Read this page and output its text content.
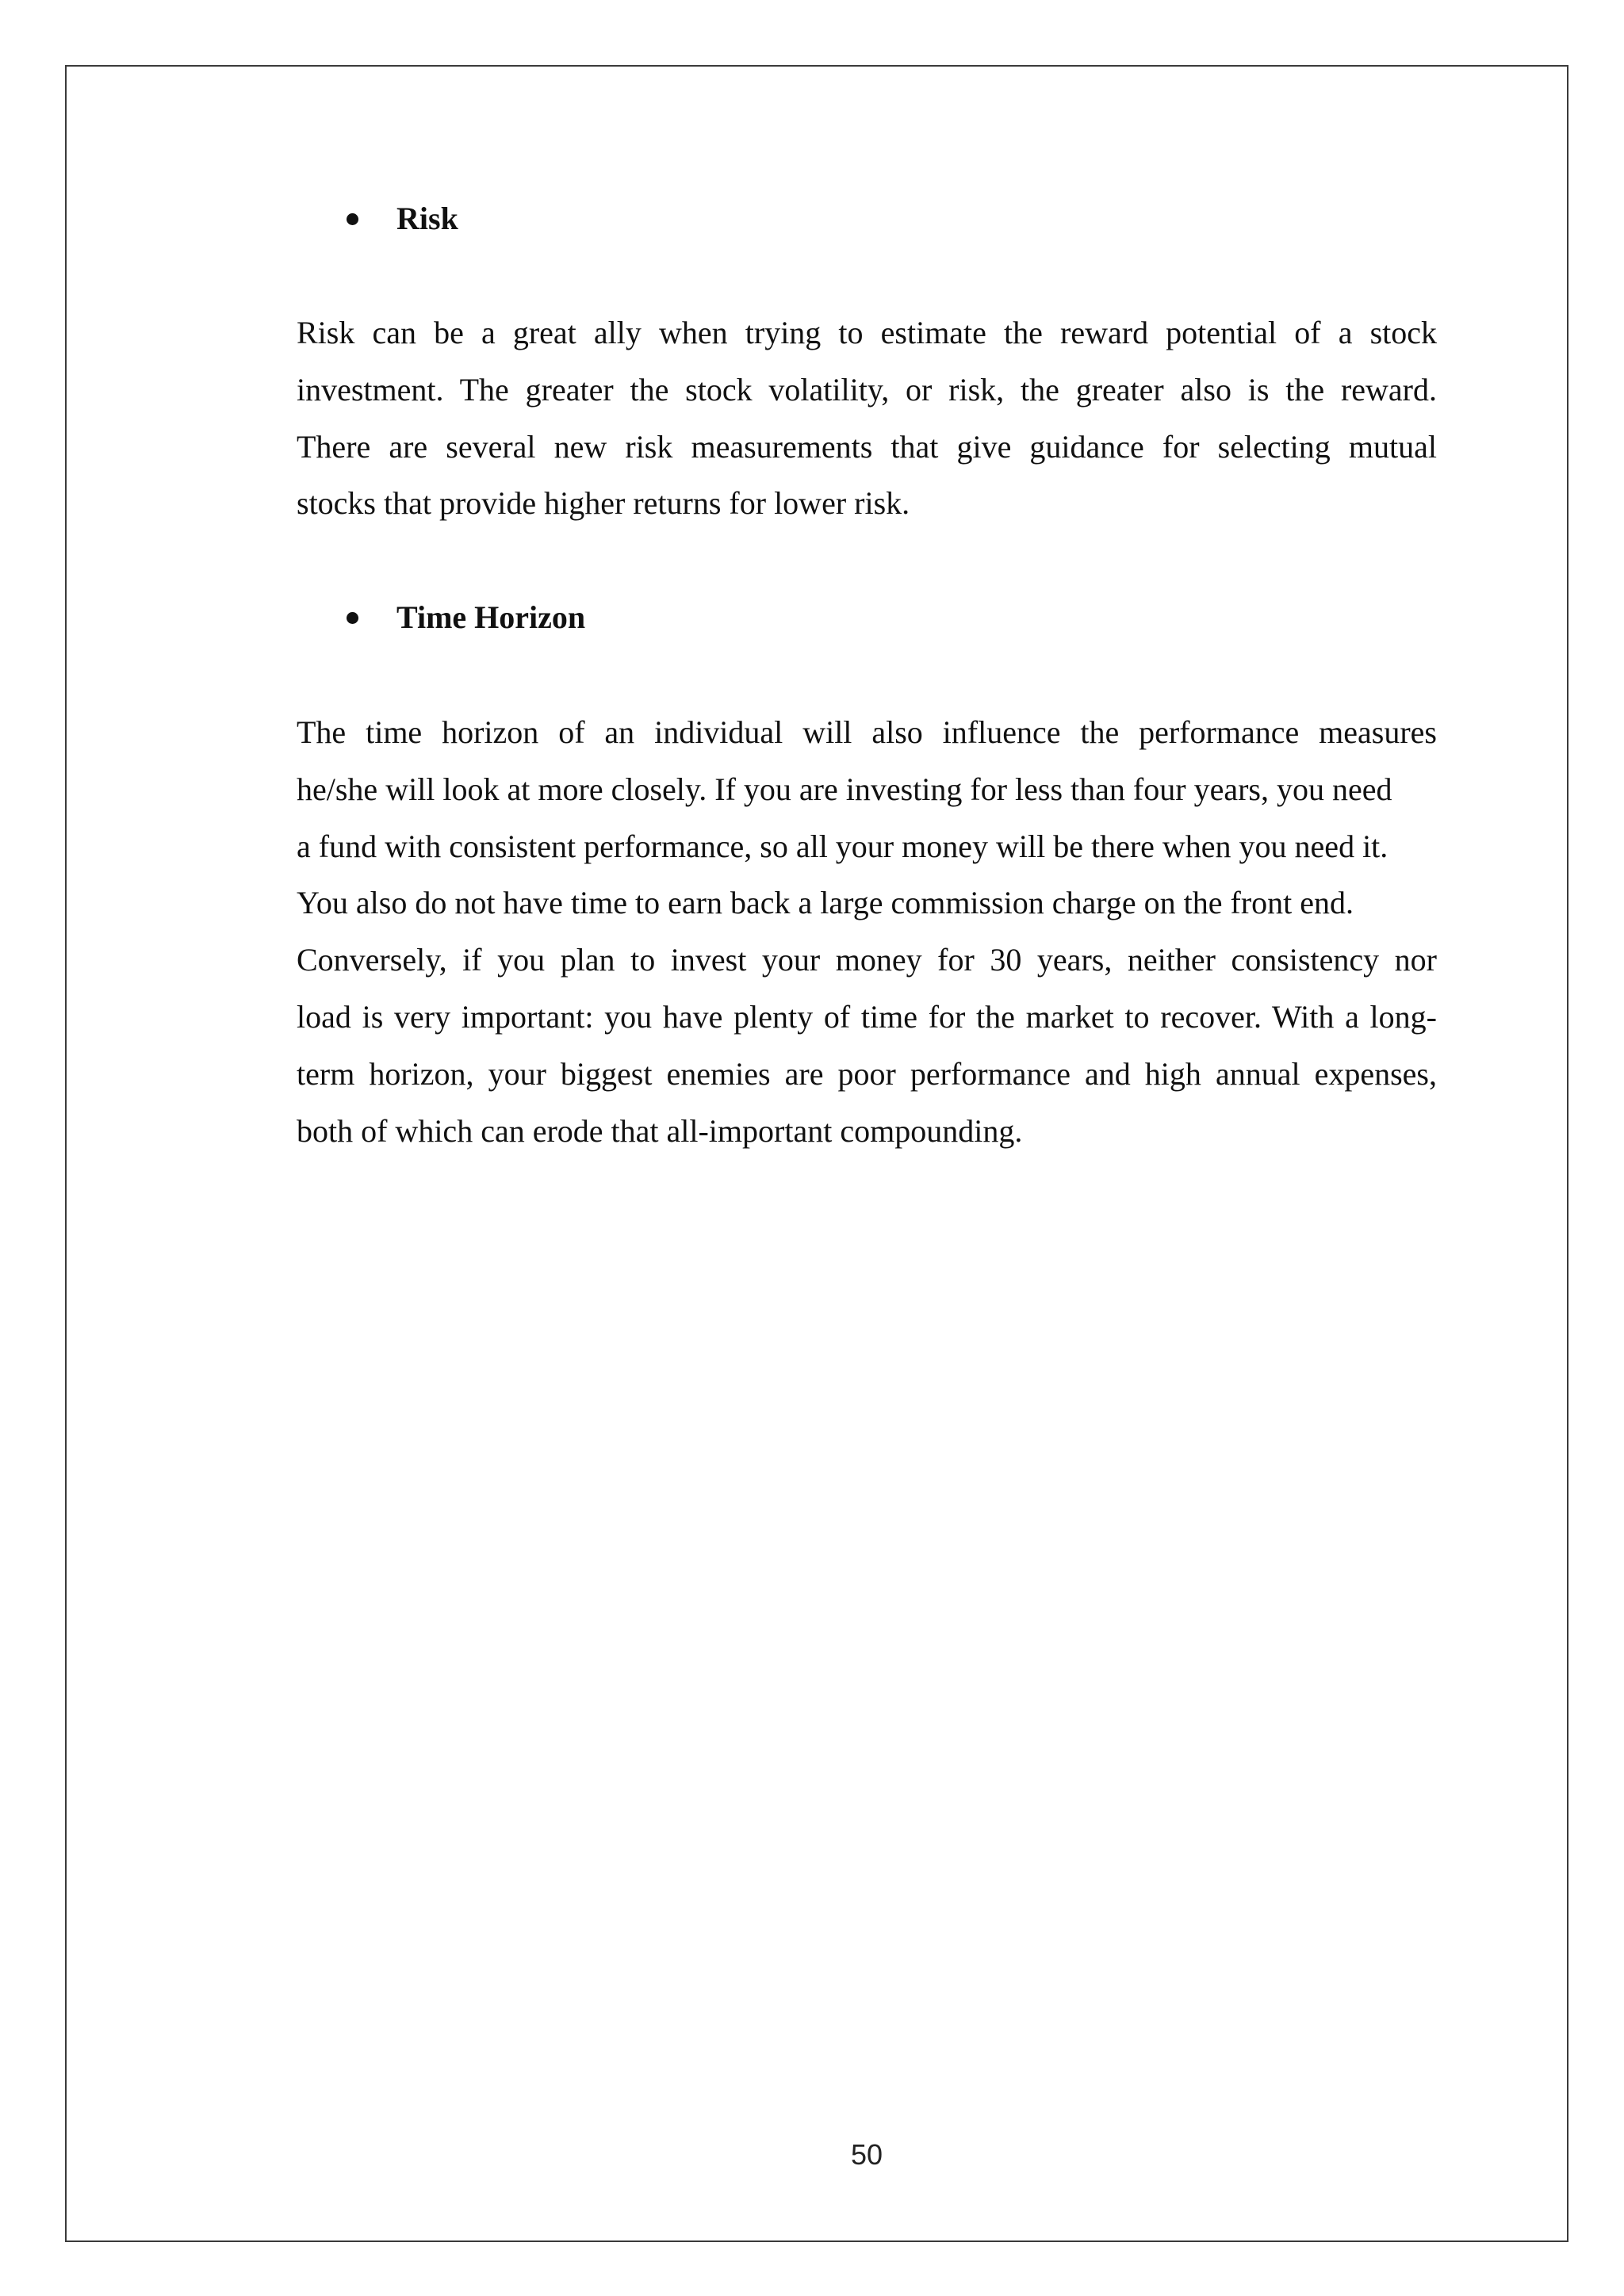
Risk

Risk can be a great ally when trying to estimate the reward potential of a stock
investment. The greater the stock volatility, or risk, the greater also is the reward.
There are several new risk measurements that give guidance for selecting mutual
stocks that provide higher returns for lower risk.

Time Horizon

The time horizon of an individual will also influence the performance measures
he/she will look at more closely. If you are investing for less than four years, you need
a fund with consistent performance, so all your money will be there when you need it.
You also do not have time to earn back a large commission charge on the front end.
Conversely, if you plan to invest your money for 30 years, neither consistency nor
load is very important: you have plenty of time for the market to recover. With a long-
term horizon, your biggest enemies are poor performance and high annual expenses,
both of which can erode that all-important compounding.

50
